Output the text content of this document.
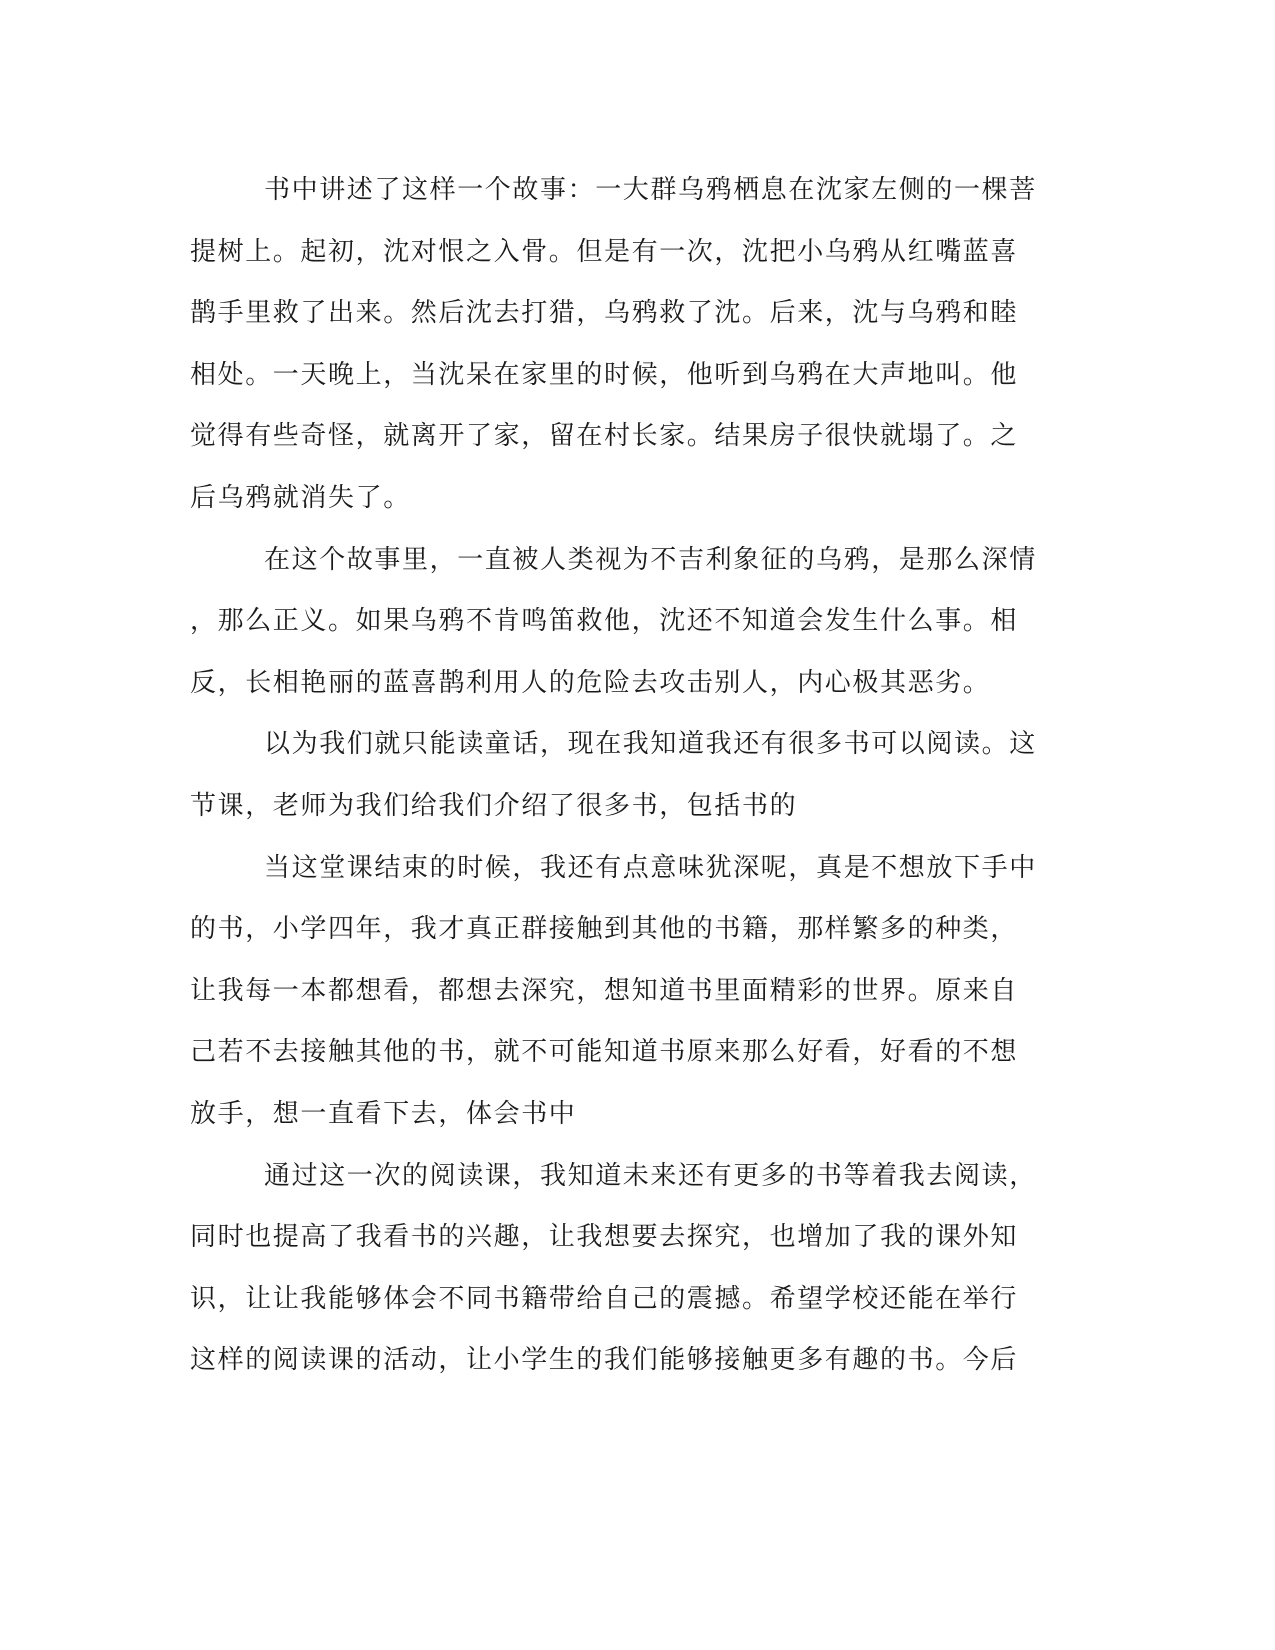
书中讲述了这样一个故事：一大群乌鸦栖息在沈家左侧的一棵菩

提树上。起初，沈对恨之入骨。但是有一次，沈把小乌鸦从红嘴蓝喜

鹊手里救了出来。然后沈去打猎，乌鸦救了沈。后来，沈与乌鸦和睦

相处。一天晚上，当沈呆在家里的时候，他听到乌鸦在大声地叫。他

觉得有些奇怪，就离开了家，留在村长家。结果房子很快就塌了。之

后乌鸦就消失了。

在这个故事里，一直被人类视为不吉利象征的乌鸦，是那么深情

，那么正义。如果乌鸦不肯鸣笛救他，沈还不知道会发生什么事。相

反，长相艳丽的蓝喜鹊利用人的危险去攻击别人，内心极其恶劣。

以为我们就只能读童话，现在我知道我还有很多书可以阅读。这

节课，老师为我们给我们介绍了很多书，包括书的

当这堂课结束的时候，我还有点意味犹深呢，真是不想放下手中

的书，小学四年，我才真正群接触到其他的书籍，那样繁多的种类，

让我每一本都想看，都想去深究，想知道书里面精彩的世界。原来自

己若不去接触其他的书，就不可能知道书原来那么好看，好看的不想

放手，想一直看下去，体会书中

通过这一次的阅读课，我知道未来还有更多的书等着我去阅读，

同时也提高了我看书的兴趣，让我想要去探究，也增加了我的课外知

识，让让我能够体会不同书籍带给自己的震撼。希望学校还能在举行

这样的阅读课的活动，让小学生的我们能够接触更多有趣的书。今后
